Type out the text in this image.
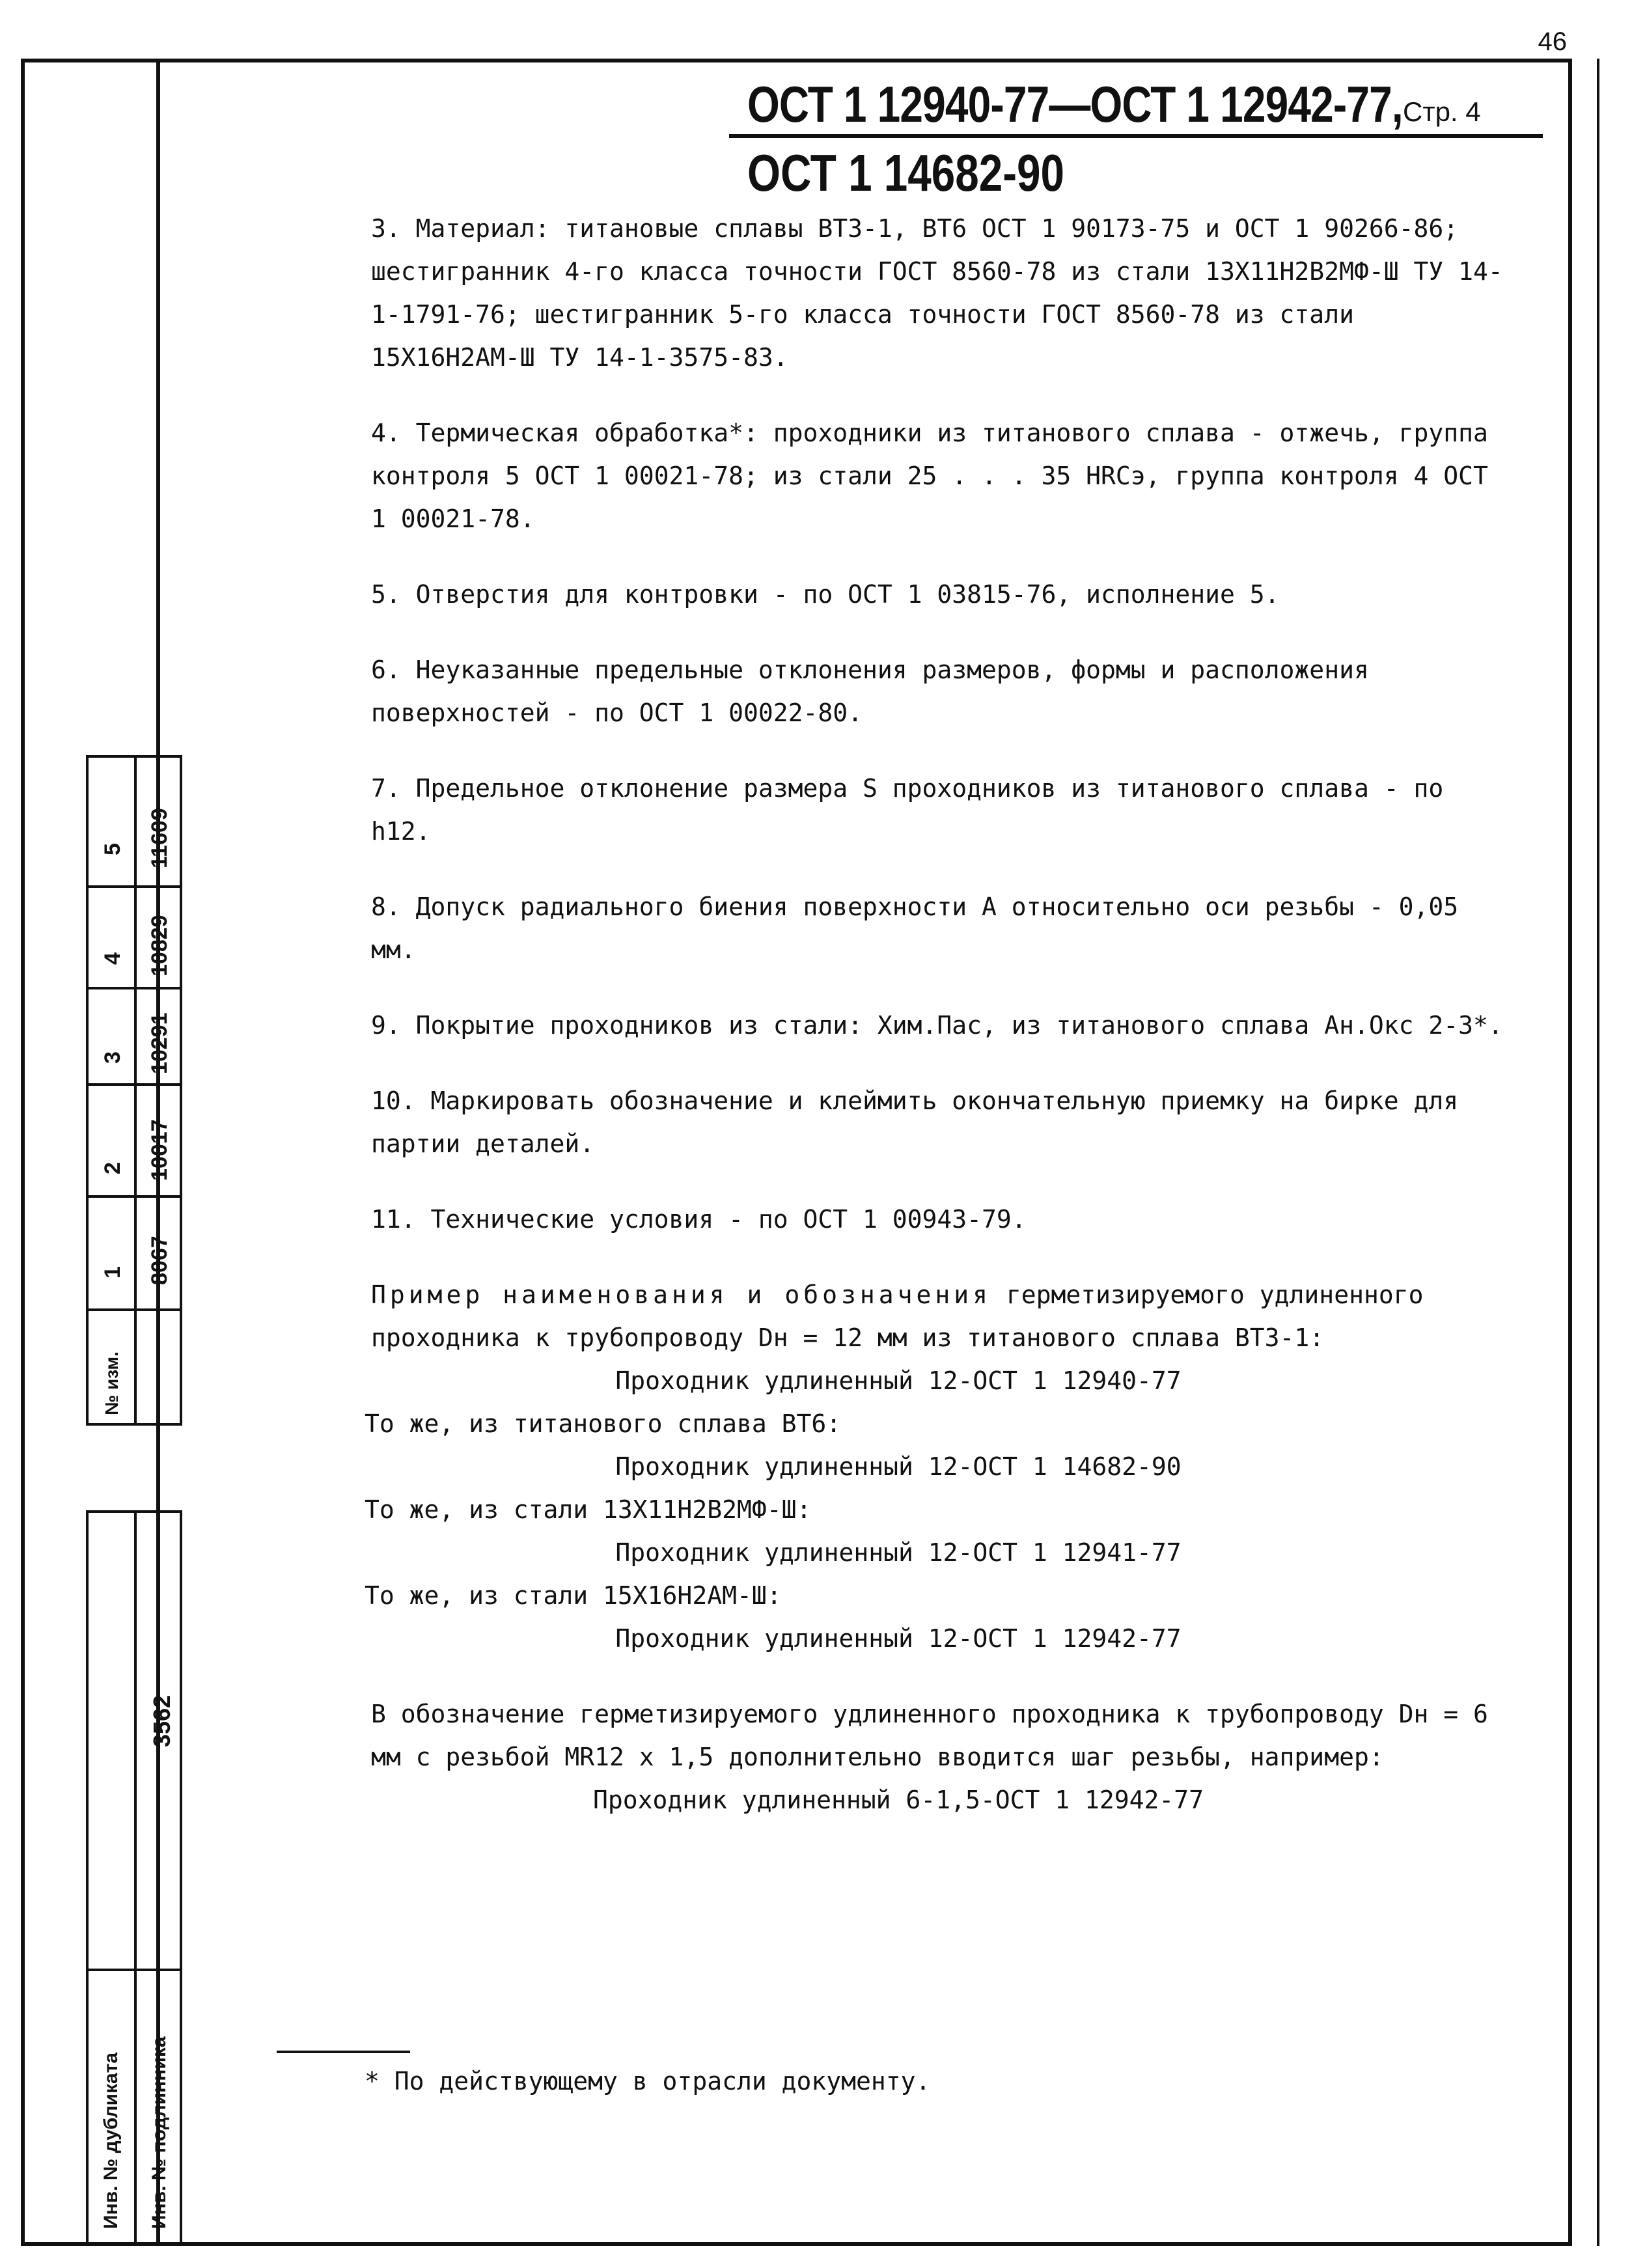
46
1 8067
2 10017
3 10291
4 10829
5 11609
№ изм.
3562
Инв. № дубликата Инв. № подлинника
ОСТ 1 12940-77—ОСТ 1 12942-77, Стр. 4
ОСТ 1 14682-90

3. Материал: титановые сплавы ВТ3-1, ВТ6 ОСТ 1 90173-75 и ОСТ 1 90266-86; шестигранник 4-го класса точности ГОСТ 8560-78 из стали 13Х11Н2В2МФ-Ш ТУ 14-1-1791-76; шестигранник 5-го класса точности ГОСТ 8560-78 из стали 15Х16Н2АМ-Ш ТУ 14-1-3575-83.

4. Термическая обработка*: проходники из титанового сплава - отжечь, группа контроля 5 ОСТ 1 00021-78; из стали 25 . . . 35 HRCэ, группа контроля 4 ОСТ 1 00021-78.

5. Отверстия для контровки - по ОСТ 1 03815-76, исполнение 5.

6. Неуказанные предельные отклонения размеров, формы и расположения поверхностей - по ОСТ 1 00022-80.

7. Предельное отклонение размера S проходников из титанового сплава - по h12.

8. Допуск радиального биения поверхности А относительно оси резьбы - 0,05 мм.

9. Покрытие проходников из стали: Хим.Пас, из титанового сплава Ан.Окс 2-3*.

10. Маркировать обозначение и клеймить окончательную приемку на бирке для партии деталей.

11. Технические условия - по ОСТ 1 00943-79.

Пример наименования и обозначения герметизируемого удлиненного проходника к трубопроводу Dн = 12 мм из титанового сплава ВТ3-1:

Проходник удлиненный 12-ОСТ 1 12940-77

То же, из титанового сплава ВТ6:

Проходник удлиненный 12-ОСТ 1 14682-90

То же, из стали 13Х11Н2В2МФ-Ш:

Проходник удлиненный 12-ОСТ 1 12941-77

То же, из стали 15Х16Н2АМ-Ш:

Проходник удлиненный 12-ОСТ 1 12942-77

В обозначение герметизируемого удлиненного проходника к трубопроводу Dн = 6 мм с резьбой MR12 x 1,5 дополнительно вводится шаг резьбы, например:

Проходник удлиненный 6-1,5-ОСТ 1 12942-77

* По действующему в отрасли документу.
